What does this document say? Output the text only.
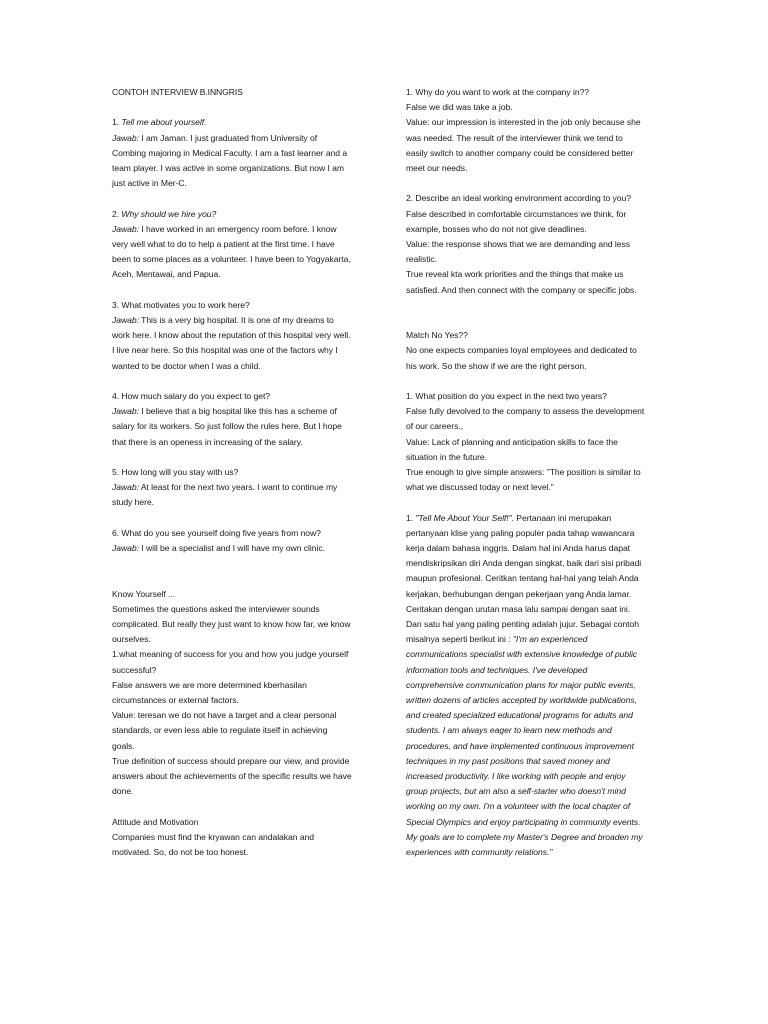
CONTOH INTERVIEW B.INNGRIS
1. Tell me about yourself.
Jawab: I am Jaman. I just graduated from University of
Combing majoring in Medical Faculty. I am a fast learner and a
team player. I was active in some organizations. But now I am
just active in Mer-C.
2. Why should we hire you?
Jawab: I have worked in an emergency room before. I know
very well what to do to help a patient at the first time. I have
been to some places as a volunteer. I have been to Yogyakarta,
Aceh, Mentawai, and Papua.
3. What motivates you to work here?
Jawab: This is a very big hospital. It is one of my dreams to
work here. I know about the reputation of this hospital very well.
I live near here. So this hospital was one of the factors why I
wanted to be doctor when I was a child.
4. How much salary do you expect to get?
Jawab: I believe that a big hospital like this has a scheme of
salary for its workers. So just follow the rules here. But I hope
that there is an openess in increasing of the salary.
5. How long will you stay with us?
Jawab: At least for the next two years. I want to continue my
study here.
6. What do you see yourself doing five years from now?
Jawab: I will be a specialist and I will have my own clinic.
Know Yourself ...
Sometimes the questions asked the interviewer sounds
complicated. But really they just want to know how far, we know
ourselves.
1.what meaning of success for you and how you judge yourself
successful?
False answers we are more determined kberhasilan
circumstances or external factors.
Value: teresan we do not have a target and a clear personal
standards, or even less able to regulate itself in achieving
goals.
True definition of success should prepare our view, and provide
answers about the achievements of the specific results we have
done.
Attitude and Motivation
Companies must find the kryawan can andalakan and
motivated. So, do not be too honest.
1. Why do you want to work at the company in??
False we did was take a job.
Value: our impression is interested in the job only because she
was needed. The result of the interviewer think we tend to
easily switch to another company could be considered better
meet our needs.
2. Describe an ideal working environment according to you?
False described in comfortable circumstances we think, for
example, bosses who do not not give deadlines.
Value: the response shows that we are demanding and less
realistic.
True reveal kta work priorities and the things that make us
satisfied. And then connect with the company or specific jobs.
Match No Yes??
No one expects companies loyal employees and dedicated to
his work. So the show if we are the right person.
1. What position do you expect in the next two years?
False fully devolved to the company to assess the development
of our careers.,
Value: Lack of planning and anticipation skills to face the
situation in the future.
True enough to give simple answers: "The position is similar to
what we discussed today or next level."
1. "Tell Me About Your Self!". Pertanaan ini merupakan
pertanyaan klise yang paling populer pada tahap wawancara
kerja dalam bahasa inggris. Dalam hal ini Anda harus dapat
mendiskripsikan diri Anda dengan singkat, baik dari sisi pribadi
maupun profesional. Ceritkan tentang hal-hal yang telah Anda
kerjakan, berhubungan dengan pekerjaan yang Anda lamar.
Ceritakan dengan urutan masa lalu sampai dengan saat ini.
Dan satu hal yang paling penting adalah jujur. Sebagai contoh
misalnya seperti berikut ini : "I'm an experienced
communications specialist with extensive knowledge of public
information tools and techniques. I've developed
comprehensive communication plans for major public events,
written dozens of articles accepted by worldwide publications,
and created specialized educational programs for adults and
students. I am always eager to learn new methods and
procedures, and have implemented continuous improvement
techniques in my past positions that saved money and
increased productivity. I like working with people and enjoy
group projects, but am also a self-starter who doesn't mind
working on my own. I'm a volunteer with the local chapter of
Special Olympics and enjoy participating in community events.
My goals are to complete my Master's Degree and broaden my
experiences with community relations."
